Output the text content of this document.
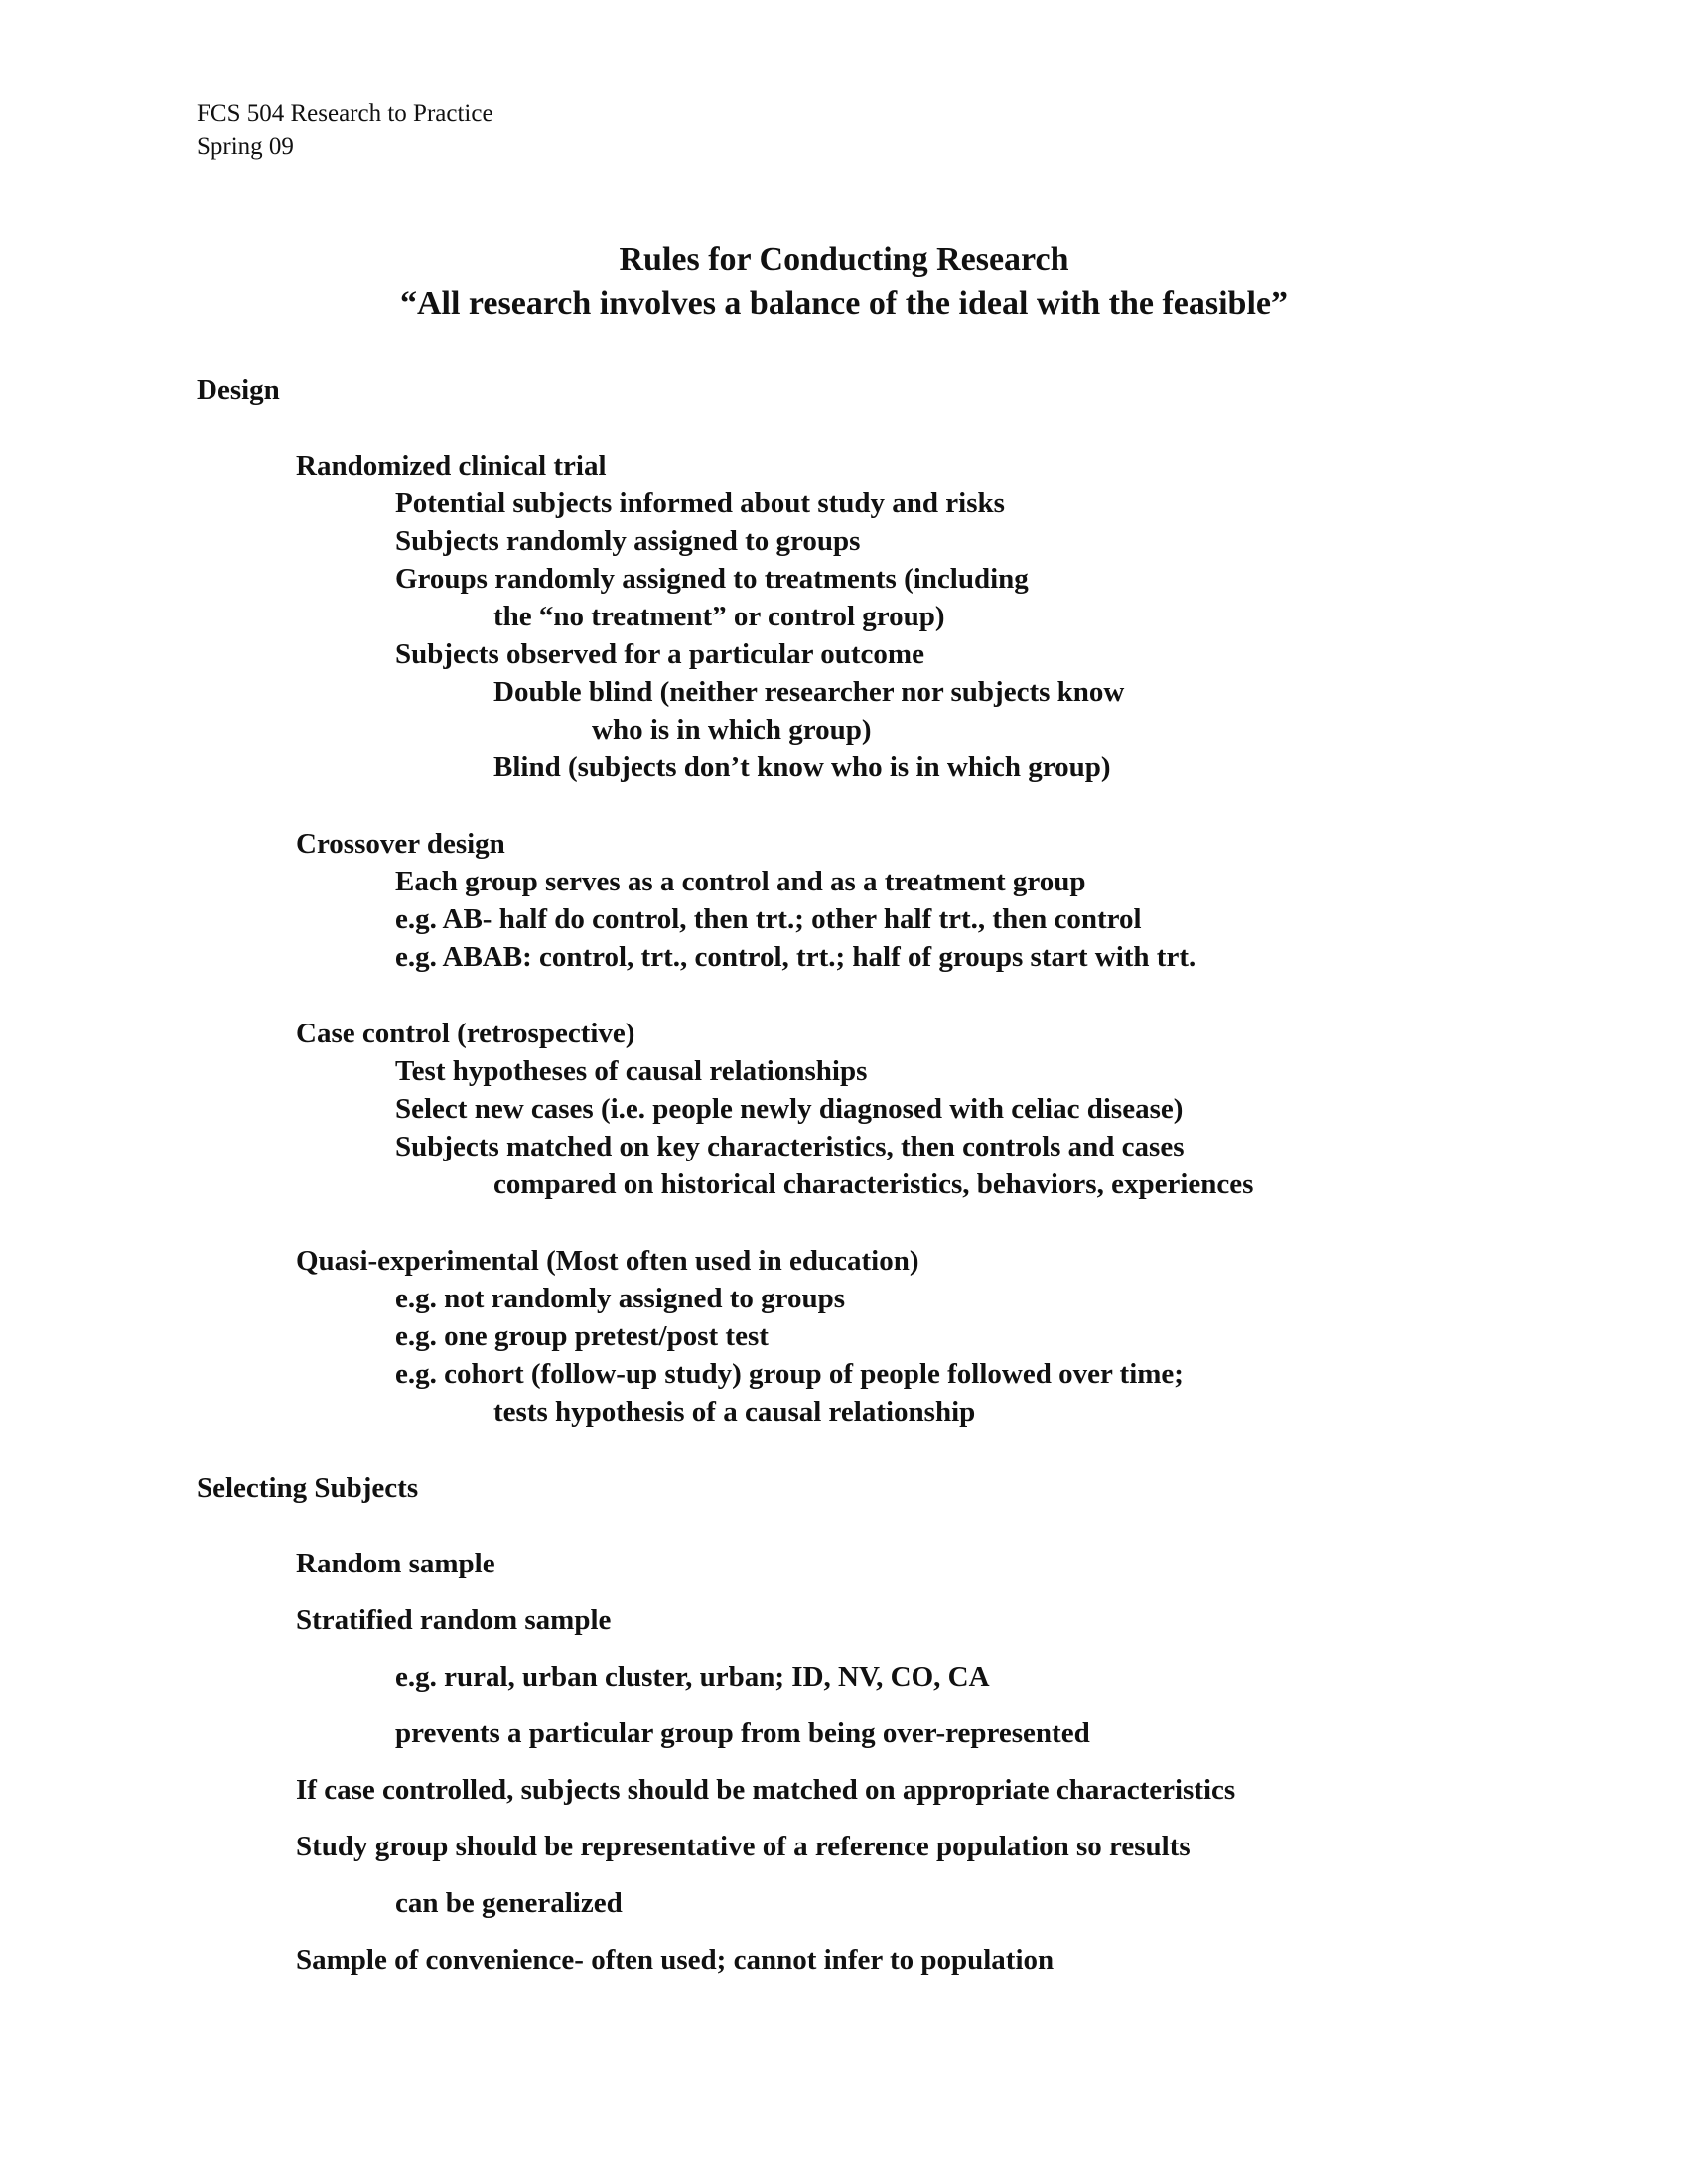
FCS 504 Research to Practice
Spring 09
Rules for Conducting Research
“All research involves a balance of the ideal with the feasible”
Design
Randomized clinical trial
Potential subjects informed about study and risks
Subjects randomly assigned to groups
Groups randomly assigned to treatments (including
the “no treatment” or control group)
Subjects observed for a particular outcome
Double blind (neither researcher nor subjects know
who is in which group)
Blind (subjects don’t know who is in which group)
Crossover design
Each group serves as a control and as a treatment group
e.g. AB- half do control, then trt.; other half trt., then control
e.g. ABAB: control, trt., control, trt.; half of groups start with trt.
Case control (retrospective)
Test hypotheses of causal relationships
Select new cases (i.e. people newly diagnosed with celiac disease)
Subjects matched on key characteristics, then controls and cases
compared on historical characteristics, behaviors, experiences
Quasi-experimental (Most often used in education)
e.g. not randomly assigned to groups
e.g. one group pretest/post test
e.g. cohort (follow-up study) group of people followed over time;
tests hypothesis of a causal relationship
Selecting Subjects
Random sample
Stratified random sample
e.g. rural, urban cluster, urban; ID, NV, CO, CA
prevents a particular group from being over-represented
If case controlled, subjects should be matched on appropriate characteristics
Study group should be representative of a reference population so results
can be generalized
Sample of convenience- often used; cannot infer to population
